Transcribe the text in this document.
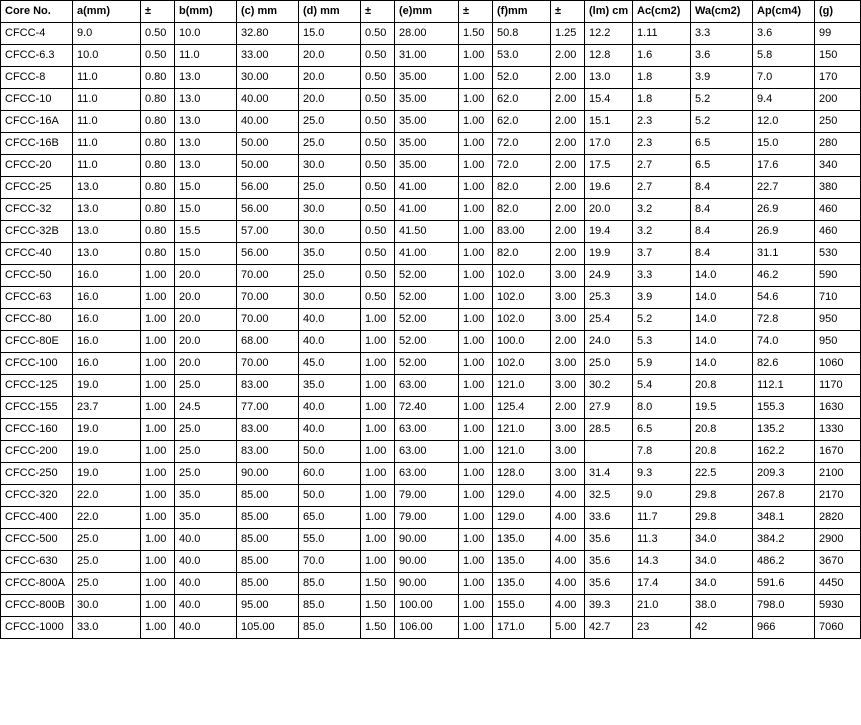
Core No.	a(mm)	±	b(mm)	(c) mm	(d) mm	±	(e)mm	±	(f)mm	±	(lm) cm	Ac(cm2)	Wa(cm2)	Ap(cm4)	(g)
CFCC-4	9.0	0.50	10.0	32.80	15.0	0.50	28.00	1.50	50.8	1.25	12.2	1.11	3.3	3.6	99
CFCC-6.3	10.0	0.50	11.0	33.00	20.0	0.50	31.00	1.00	53.0	2.00	12.8	1.6	3.6	5.8	150
CFCC-8	11.0	0.80	13.0	30.00	20.0	0.50	35.00	1.00	52.0	2.00	13.0	1.8	3.9	7.0	170
CFCC-10	11.0	0.80	13.0	40.00	20.0	0.50	35.00	1.00	62.0	2.00	15.4	1.8	5.2	9.4	200
CFCC-16A	11.0	0.80	13.0	40.00	25.0	0.50	35.00	1.00	62.0	2.00	15.1	2.3	5.2	12.0	250
CFCC-16B	11.0	0.80	13.0	50.00	25.0	0.50	35.00	1.00	72.0	2.00	17.0	2.3	6.5	15.0	280
CFCC-20	11.0	0.80	13.0	50.00	30.0	0.50	35.00	1.00	72.0	2.00	17.5	2.7	6.5	17.6	340
CFCC-25	13.0	0.80	15.0	56.00	25.0	0.50	41.00	1.00	82.0	2.00	19.6	2.7	8.4	22.7	380
CFCC-32	13.0	0.80	15.0	56.00	30.0	0.50	41.00	1.00	82.0	2.00	20.0	3.2	8.4	26.9	460
CFCC-32B	13.0	0.80	15.5	57.00	30.0	0.50	41.50	1.00	83.00	2.00	19.4	3.2	8.4	26.9	460
CFCC-40	13.0	0.80	15.0	56.00	35.0	0.50	41.00	1.00	82.0	2.00	19.9	3.7	8.4	31.1	530
CFCC-50	16.0	1.00	20.0	70.00	25.0	0.50	52.00	1.00	102.0	3.00	24.9	3.3	14.0	46.2	590
CFCC-63	16.0	1.00	20.0	70.00	30.0	0.50	52.00	1.00	102.0	3.00	25.3	3.9	14.0	54.6	710
CFCC-80	16.0	1.00	20.0	70.00	40.0	1.00	52.00	1.00	102.0	3.00	25.4	5.2	14.0	72.8	950
CFCC-80E	16.0	1.00	20.0	68.00	40.0	1.00	52.00	1.00	100.0	2.00	24.0	5.3	14.0	74.0	950
CFCC-100	16.0	1.00	20.0	70.00	45.0	1.00	52.00	1.00	102.0	3.00	25.0	5.9	14.0	82.6	1060
CFCC-125	19.0	1.00	25.0	83.00	35.0	1.00	63.00	1.00	121.0	3.00	30.2	5.4	20.8	112.1	1170
CFCC-155	23.7	1.00	24.5	77.00	40.0	1.00	72.40	1.00	125.4	2.00	27.9	8.0	19.5	155.3	1630
CFCC-160	19.0	1.00	25.0	83.00	40.0	1.00	63.00	1.00	121.0	3.00	28.5	6.5	20.8	135.2	1330
CFCC-200	19.0	1.00	25.0	83.00	50.0	1.00	63.00	1.00	121.0	3.00		7.8	20.8	162.2	1670
CFCC-250	19.0	1.00	25.0	90.00	60.0	1.00	63.00	1.00	128.0	3.00	31.4	9.3	22.5	209.3	2100
CFCC-320	22.0	1.00	35.0	85.00	50.0	1.00	79.00	1.00	129.0	4.00	32.5	9.0	29.8	267.8	2170
CFCC-400	22.0	1.00	35.0	85.00	65.0	1.00	79.00	1.00	129.0	4.00	33.6	11.7	29.8	348.1	2820
CFCC-500	25.0	1.00	40.0	85.00	55.0	1.00	90.00	1.00	135.0	4.00	35.6	11.3	34.0	384.2	2900
CFCC-630	25.0	1.00	40.0	85.00	70.0	1.00	90.00	1.00	135.0	4.00	35.6	14.3	34.0	486.2	3670
CFCC-800A	25.0	1.00	40.0	85.00	85.0	1.50	90.00	1.00	135.0	4.00	35.6	17.4	34.0	591.6	4450
CFCC-800B	30.0	1.00	40.0	95.00	85.0	1.50	100.00	1.00	155.0	4.00	39.3	21.0	38.0	798.0	5930
CFCC-1000	33.0	1.00	40.0	105.00	85.0	1.50	106.00	1.00	171.0	5.00	42.7	23	42	966	7060
